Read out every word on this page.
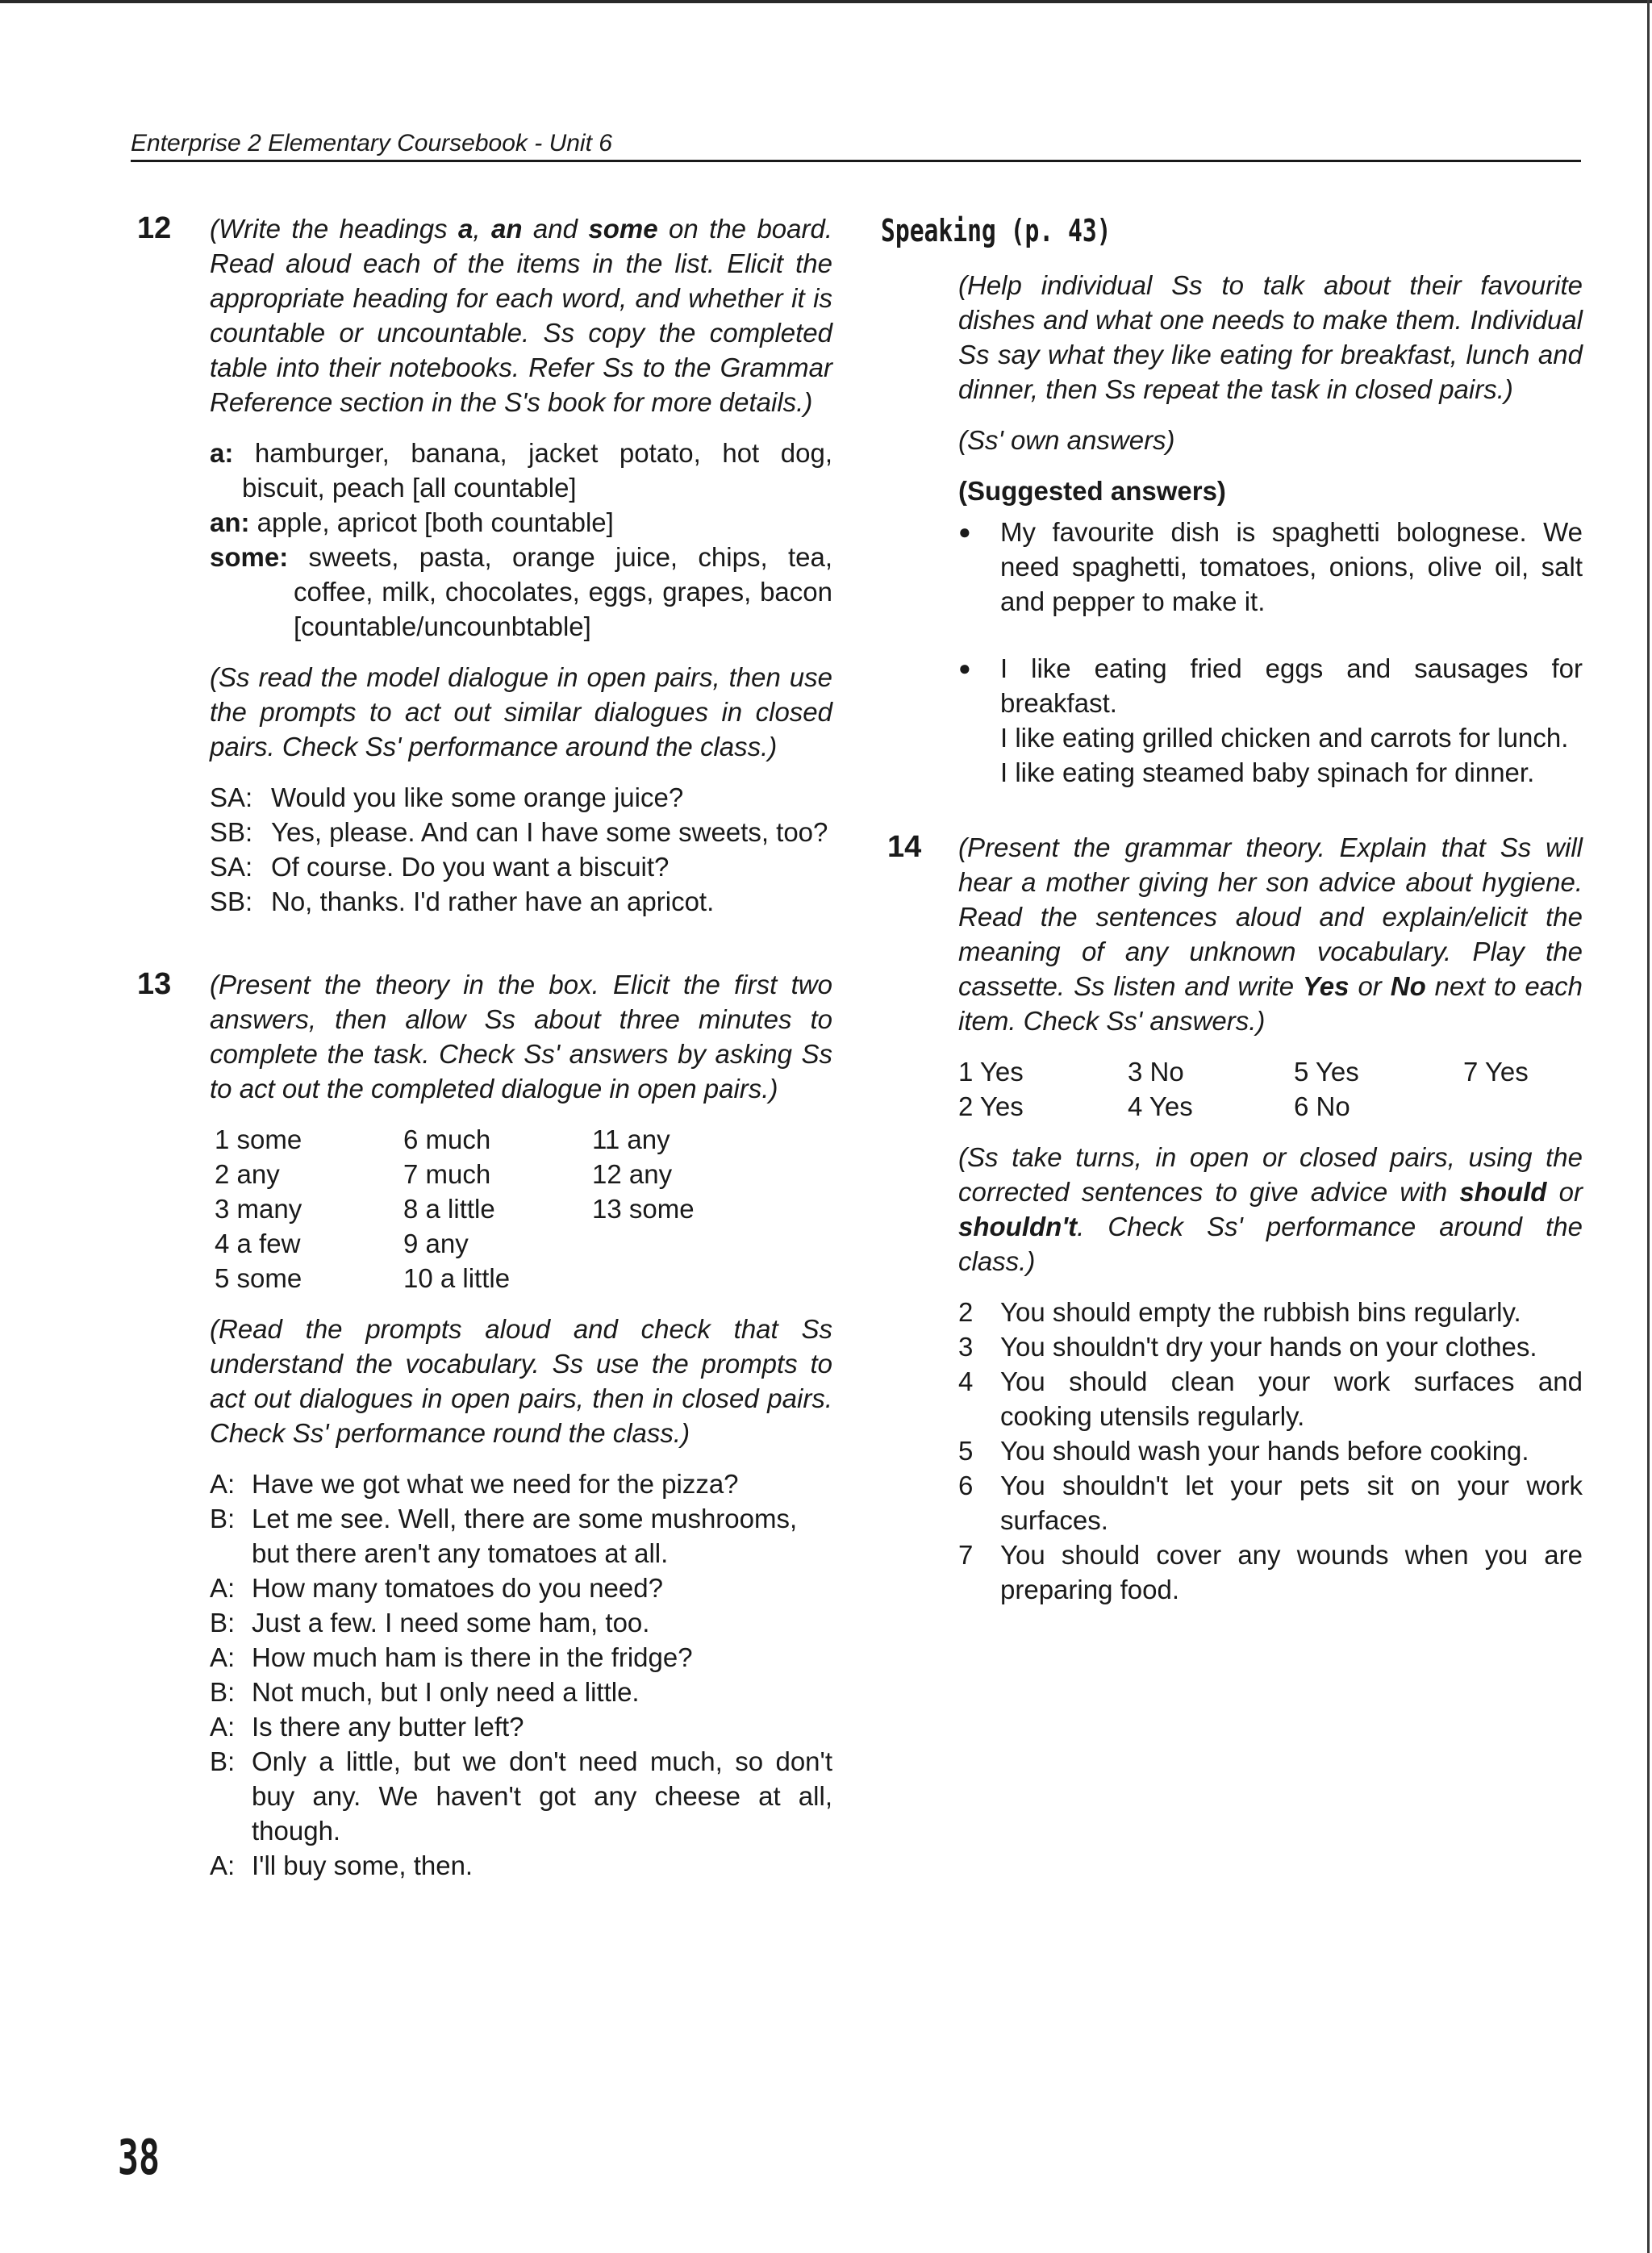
Enterprise 2 Elementary Coursebook - Unit 6
12 (Write the headings a, an and some on the board. Read aloud each of the items in the list. Elicit the appropriate heading for each word, and whether it is countable or uncountable. Ss copy the completed table into their notebooks. Refer Ss to the Grammar Reference section in the S's book for more details.)

a: hamburger, banana, jacket potato, hot dog, biscuit, peach [all countable]

an: apple, apricot [both countable]

some: sweets, pasta, orange juice, chips, tea, coffee, milk, chocolates, eggs, grapes, bacon [countable/uncounbtable]

(Ss read the model dialogue in open pairs, then use the prompts to act out similar dialogues in closed pairs. Check Ss' performance around the class.)

SA: Would you like some orange juice?
SB: Yes, please. And can I have some sweets, too?
SA: Of course. Do you want a biscuit?
SB: No, thanks. I'd rather have an apricot.
13 (Present the theory in the box. Elicit the first two answers, then allow Ss about three minutes to complete the task. Check Ss' answers by asking Ss to act out the completed dialogue in open pairs.)

1 some	6 much	11 any
2 any	7 much	12 any
3 many	8 a little	13 some
4 a few	9 any
5 some	10 a little

(Read the prompts aloud and check that Ss understand the vocabulary. Ss use the prompts to act out dialogues in open pairs, then in closed pairs. Check Ss' performance round the class.)

A: Have we got what we need for the pizza?
B: Let me see. Well, there are some mushrooms, but there aren't any tomatoes at all.
A: How many tomatoes do you need?
B: Just a few. I need some ham, too.
A: How much ham is there in the fridge?
B: Not much, but I only need a little.
A: Is there any butter left?
B: Only a little, but we don't need much, so don't buy any. We haven't got any cheese at all, though.
A: I'll buy some, then.
Speaking (p. 43)

(Help individual Ss to talk about their favourite dishes and what one needs to make them. Individual Ss say what they like eating for breakfast, lunch and dinner, then Ss repeat the task in closed pairs.)

(Ss' own answers)

(Suggested answers)

●	My favourite dish is spaghetti bolognese. We need spaghetti, tomatoes, onions, olive oil, salt and pepper to make it.
●	I like eating fried eggs and sausages for breakfast.

I like eating grilled chicken and carrots for lunch.

I like eating steamed baby spinach for dinner.

14 (Present the grammar theory. Explain that Ss will hear a mother giving her son advice about hygiene. Read the sentences aloud and explain/elicit the meaning of any unknown vocabulary. Play the cassette. Ss listen and write Yes or No next to each item. Check Ss' answers.)

1 Yes	3 No	5 Yes	7 Yes
2 Yes	4 Yes	6 No

(Ss take turns, in open or closed pairs, using the corrected sentences to give advice with should or shouldn't. Check Ss' performance around the class.)

2	You should empty the rubbish bins regularly.
3	You shouldn't dry your hands on your clothes.
4	You should clean your work surfaces and cooking utensils regularly.
5	You should wash your hands before cooking.
6	You shouldn't let your pets sit on your work surfaces.
7	You should cover any wounds when you are preparing food.
38
